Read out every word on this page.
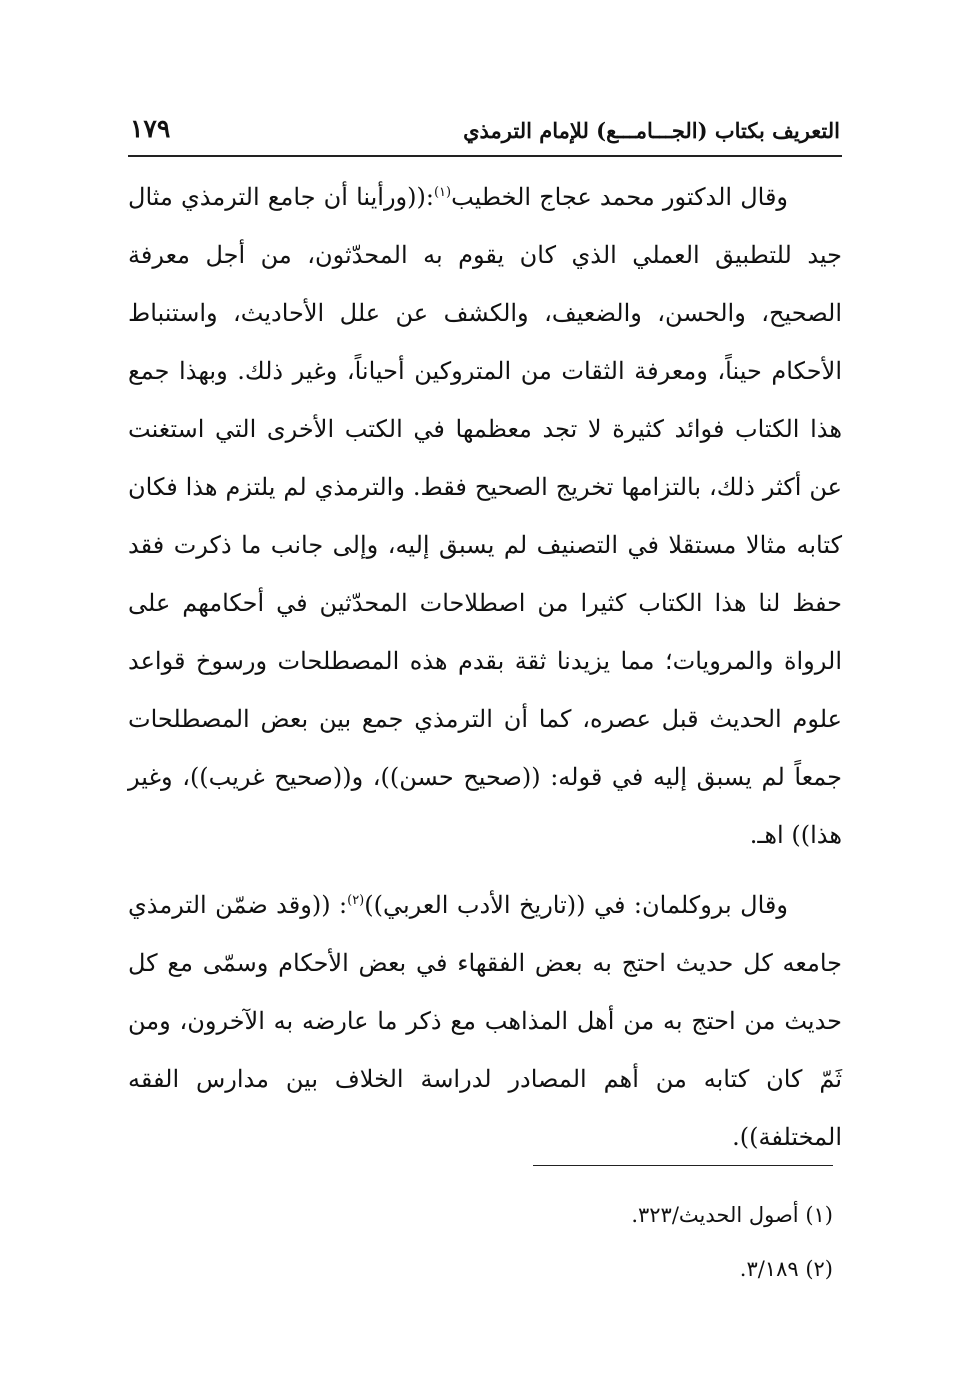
١٧٩	التعريف بكتاب (الجـــامـــع) للإمام الترمذي

وقال الدكتور محمد عجاج الخطيب$^{(١)}$:((ورأينا أن جامع الترمذي مثال جيد للتطبيق العملي الذي كان يقوم به المحدّثون، من أجل معرفة الصحيح، والحسن، والضعيف، والكشف عن علل الأحاديث، واستنباط الأحكام حيناً، ومعرفة الثقات من المتروكين أحياناً، وغير ذلك. وبهذا جمع هذا الكتاب فوائد كثيرة لا تجد معظمها في الكتب الأخرى التي استغنت عن أكثر ذلك، بالتزامها تخريج الصحيح فقط. والترمذي لم يلتزم هذا فكان كتابه مثالا مستقلا في التصنيف لم يسبق إليه، وإلى جانب ما ذكرت فقد حفظ لنا هذا الكتاب كثيرا من اصطلاحات المحدّثين في أحكامهم على الرواة والمرويات؛ مما يزيدنا ثقة بقدم هذه المصطلحات ورسوخ قواعد علوم الحديث قبل عصره، كما أن الترمذي جمع بين بعض المصطلحات جمعاً لم يسبق إليه في قوله: ((صحيح حسن))، و((صحيح غريب))، وغير هذا)) اهـ.

وقال بروكلمان: في ((تاريخ الأدب العربي))$^{(٢)}$: ((وقد ضمّن الترمذي جامعه كل حديث احتج به بعض الفقهاء في بعض الأحكام وسمّى مع كل حديث من احتج به من أهل المذاهب مع ذكر ما عارضه به الآخرون، ومن ثَمّ كان كتابه من أهم المصادر لدراسة الخلاف بين مدارس الفقه المختلفة)).

(١) أصول الحديث/٣٢٣.
(٢) ٣/١٨٩.
